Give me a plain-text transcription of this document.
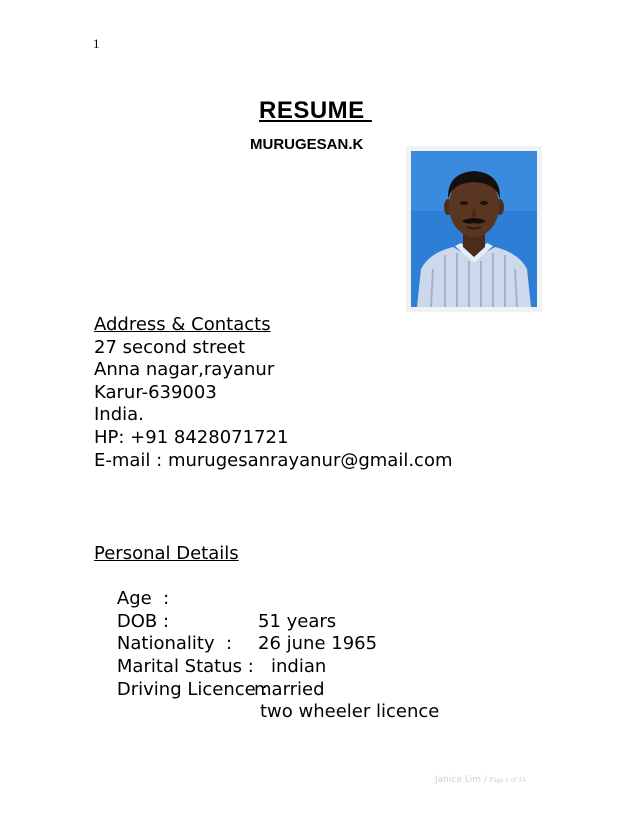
1
RESUME
MURUGESAN.K
Address & Contacts
27 second street
Anna nagar,rayanur
Karur-639003
India.
HP: +91 8428071721
E-mail : murugesanrayanur@gmail.com
Personal Details

Age  :

51 years

DOB :

26 june 1965

Nationality  :

indian

Marital Status :

married

Driving Licence :

two wheeler licence

Janice Lim / Page 1 of 3A
